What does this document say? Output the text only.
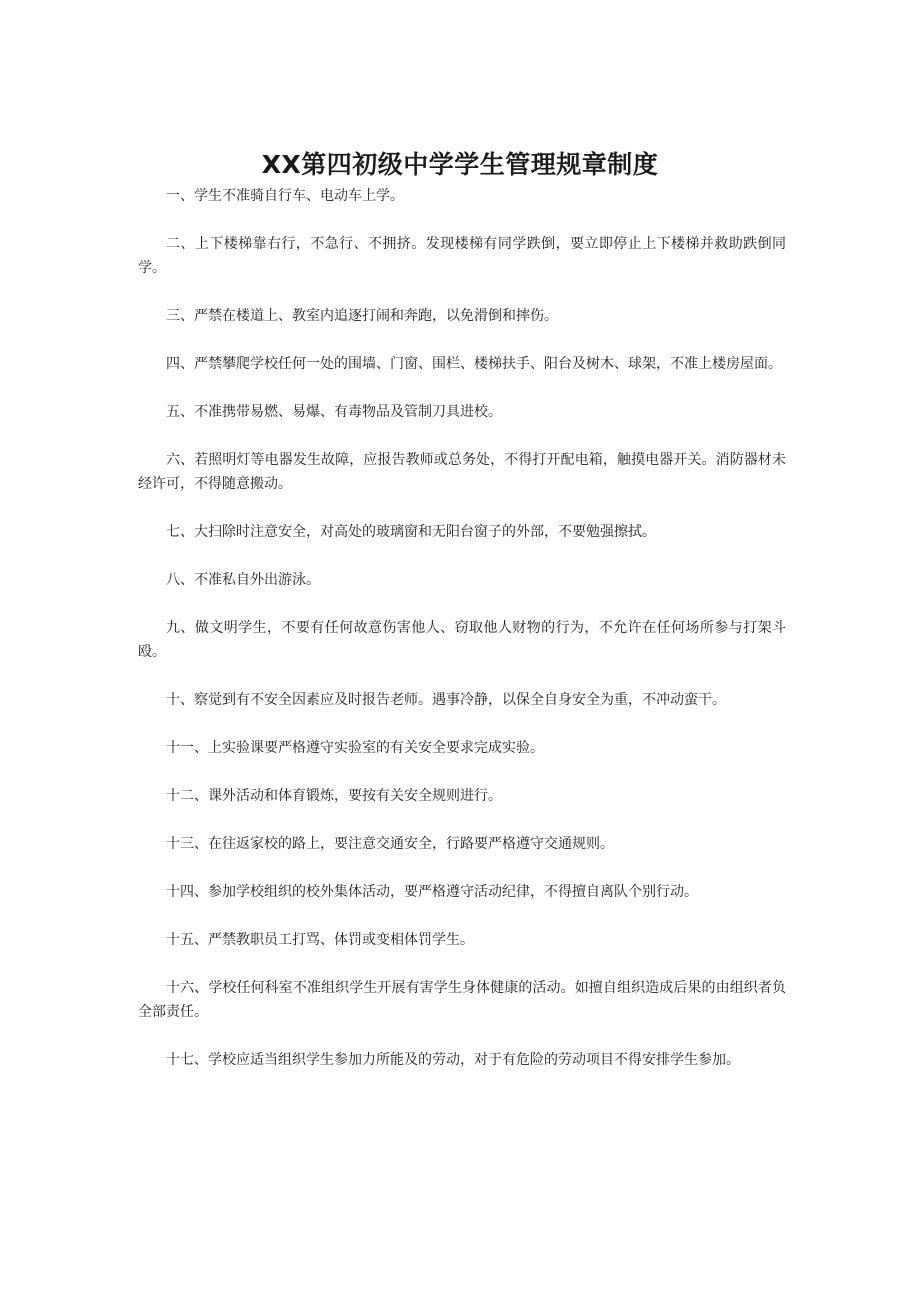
XX第四初级中学学生管理规章制度

一、学生不准骑自行车、电动车上学。

二、上下楼梯靠右行，不急行、不拥挤。发现楼梯有同学跌倒，要立即停止上下楼梯并救助跌倒同学。

三、严禁在楼道上、教室内追逐打闹和奔跑，以免滑倒和摔伤。

四、严禁攀爬学校任何一处的围墙、门窗、围栏、楼梯扶手、阳台及树木、球架，不准上楼房屋面。

五、不准携带易燃、易爆、有毒物品及管制刀具进校。

六、若照明灯等电器发生故障，应报告教师或总务处，不得打开配电箱，触摸电器开关。消防器材未经许可，不得随意搬动。

七、大扫除时注意安全，对高处的玻璃窗和无阳台窗子的外部，不要勉强擦拭。

八、不准私自外出游泳。

九、做文明学生，不要有任何故意伤害他人、窃取他人财物的行为，不允许在任何场所参与打架斗殴。

十、察觉到有不安全因素应及时报告老师。遇事冷静，以保全自身安全为重，不冲动蛮干。

十一、上实验课要严格遵守实验室的有关安全要求完成实验。

十二、课外活动和体育锻炼，要按有关安全规则进行。

十三、在往返家校的路上，要注意交通安全，行路要严格遵守交通规则。

十四、参加学校组织的校外集体活动，要严格遵守活动纪律，不得擅自离队个别行动。

十五、严禁教职员工打骂、体罚或变相体罚学生。

十六、学校任何科室不准组织学生开展有害学生身体健康的活动。如擅自组织造成后果的由组织者负全部责任。

十七、学校应适当组织学生参加力所能及的劳动，对于有危险的劳动项目不得安排学生参加。
